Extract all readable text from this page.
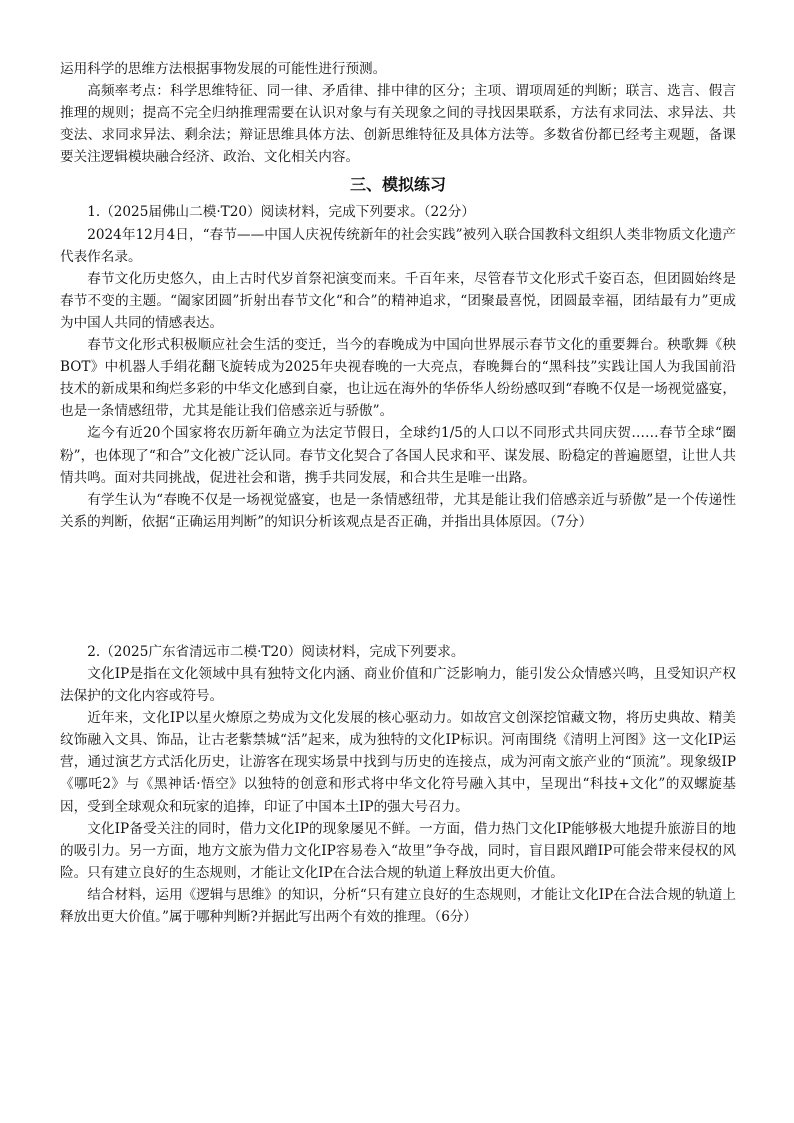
运用科学的思维方法根据事物发展的可能性进行预测。

高频率考点：科学思维特征、同一律、矛盾律、排中律的区分；主项、谓项周延的判断；联言、选言、假言推理的规则；提高不完全归纳推理需要在认识对象与有关现象之间的寻找因果联系，方法有求同法、求异法、共变法、求同求异法、剩余法；辩证思维具体方法、创新思维特征及具体方法等。多数省份都已经考主观题，备课要关注逻辑模块融合经济、政治、文化相关内容。

三、模拟练习

1.（2025届佛山二模·T20）阅读材料，完成下列要求。（22分）

2024年12月4日，“春节——中国人庆祝传统新年的社会实践”被列入联合国教科文组织人类非物质文化遗产代表作名录。

春节文化历史悠久，由上古时代岁首祭祀演变而来。千百年来，尽管春节文化形式千姿百态，但团圆始终是春节不变的主题。“阖家团圆”折射出春节文化“和合”的精神追求，“团聚最喜悦，团圆最幸福，团结最有力”更成为中国人共同的情感表达。

春节文化形式积极顺应社会生活的变迁，当今的春晚成为中国向世界展示春节文化的重要舞台。秧歌舞《秧BOT》中机器人手绢花翻飞旋转成为2025年央视春晚的一大亮点，春晚舞台的“黑科技”实践让国人为我国前沿技术的新成果和绚烂多彩的中华文化感到自豪，也让远在海外的华侨华人纷纷感叹到“春晚不仅是一场视觉盛宴，也是一条情感纽带，尤其是能让我们倍感亲近与骄傲”。

迄今有近20个国家将农历新年确立为法定节假日，全球约1/5的人口以不同形式共同庆贺……春节全球“圈粉”，也体现了“和合”文化被广泛认同。春节文化契合了各国人民求和平、谋发展、盼稳定的普遍愿望，让世人共情共鸣。面对共同挑战，促进社会和谐，携手共同发展，和合共生是唯一出路。

有学生认为“春晚不仅是一场视觉盛宴，也是一条情感纽带，尤其是能让我们倍感亲近与骄傲”是一个传递性关系的判断，依据“正确运用判断”的知识分析该观点是否正确，并指出具体原因。（7分）

2.（2025广东省清远市二模·T20）阅读材料，完成下列要求。

文化IP是指在文化领域中具有独特文化内涵、商业价值和广泛影响力，能引发公众情感兴鸣，且受知识产权法保护的文化内容或符号。

近年来，文化IP以星火燎原之势成为文化发展的核心驱动力。如故宫文创深挖馆藏文物，将历史典故、精美纹饰融入文具、饰品，让古老紫禁城“活”起来，成为独特的文化IP标识。河南围绕《清明上河图》这一文化IP运营，通过演艺方式活化历史，让游客在现实场景中找到与历史的连接点，成为河南文旅产业的“顶流”。现象级IP《哪吒2》与《黑神话·悟空》以独特的创意和形式将中华文化符号融入其中，呈现出“科技+文化”的双螺旋基因，受到全球观众和玩家的追捧，印证了中国本土IP的强大号召力。

文化IP备受关注的同时，借力文化IP的现象屡见不鲜。一方面，借力热门文化IP能够极大地提升旅游目的地的吸引力。另一方面，地方文旅为借力文化IP容易卷入“故里”争夺战，同时，盲目跟风蹭IP可能会带来侵权的风险。只有建立良好的生态规则，才能让文化IP在合法合规的轨道上释放出更大价值。

结合材料，运用《逻辑与思维》的知识，分析“只有建立良好的生态规则，才能让文化IP在合法合规的轨道上释放出更大价值。”属于哪种判断?并据此写出两个有效的推理。（6分）
